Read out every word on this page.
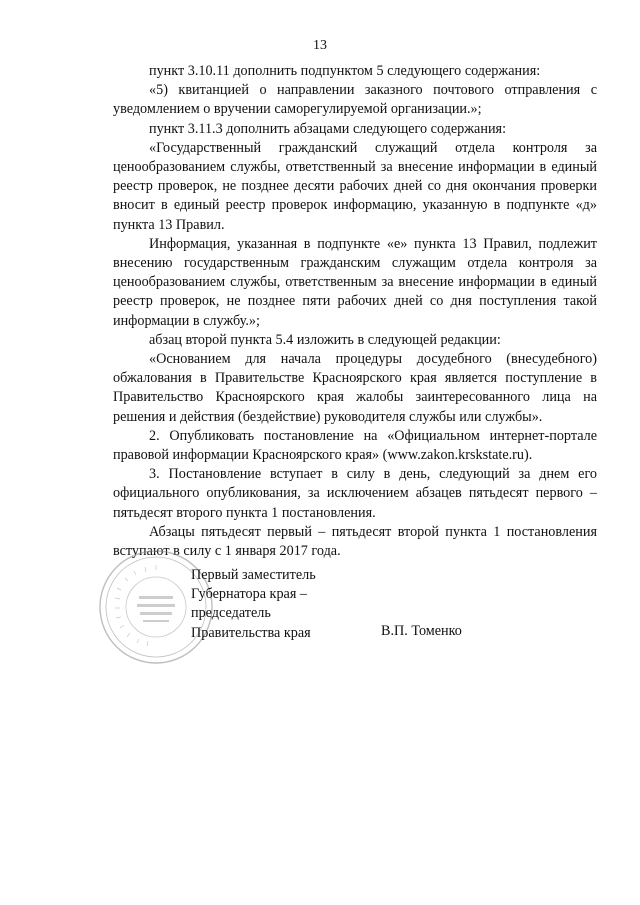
13

пункт 3.10.11 дополнить подпунктом 5 следующего содержания:

«5) квитанцией о направлении заказного почтового отправления с уведомлением о вручении саморегулируемой организации.»;

пункт 3.11.3 дополнить абзацами следующего содержания:

«Государственный гражданский служащий отдела контроля за ценообразованием службы, ответственный за внесение информации в единый реестр проверок, не позднее десяти рабочих дней со дня окончания проверки вносит в единый реестр проверок информацию, указанную в подпункте «д» пункта 13 Правил.

Информация, указанная в подпункте «е» пункта 13 Правил, подлежит внесению государственным гражданским служащим отдела контроля за ценообразованием службы, ответственным за внесение информации в единый реестр проверок, не позднее пяти рабочих дней со дня поступления такой информации в службу.»;

абзац второй пункта 5.4 изложить в следующей редакции:

«Основанием для начала процедуры досудебного (внесудебного) обжалования в Правительстве Красноярского края является поступление в Правительство Красноярского края жалобы заинтересованного лица на решения и действия (бездействие) руководителя службы или службы».

2. Опубликовать постановление на «Официальном интернет-портале правовой информации Красноярского края» (www.zakon.krskstate.ru).

3. Постановление вступает в силу в день, следующий за днем его официального опубликования, за исключением абзацев пятьдесят первого – пятьдесят второго пункта 1 постановления.

Абзацы пятьдесят первый – пятьдесят второй пункта 1 постановления вступают в силу с 1 января 2017 года.

Первый заместитель
Губернатора края –
председатель
Правительства края	В.П. Томенко
